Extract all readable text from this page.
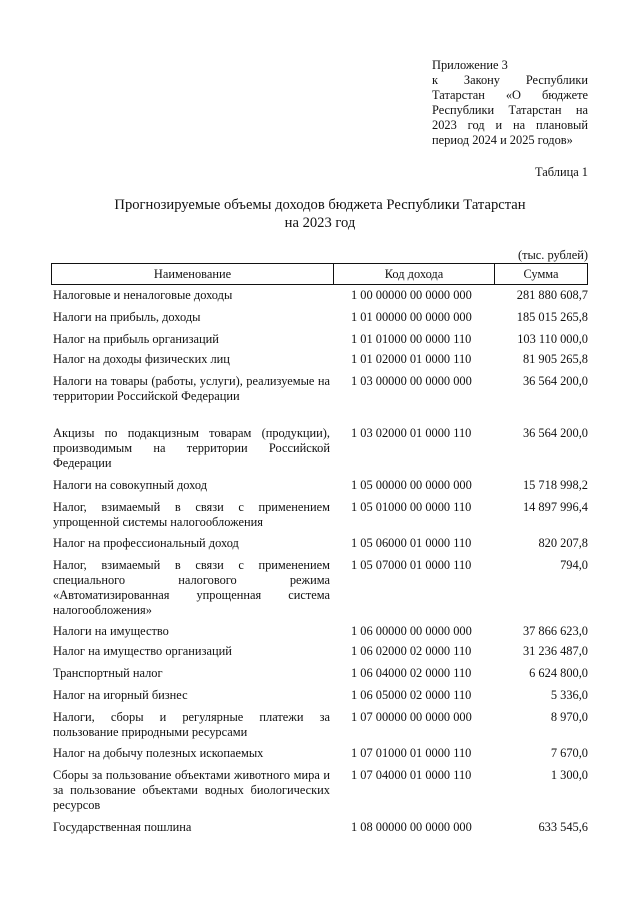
Приложение 3
к Закону Республики
Татарстан «О бюджете
Республики Татарстан на
2023 год и на плановый
период 2024 и 2025 годов»
Таблица 1
Прогнозируемые объемы доходов бюджета Республики Татарстан
на 2023 год
(тыс. рублей)
Наименование	Код дохода	Сумма
Налоговые и неналоговые доходы	1 00 00000 00 0000 000	281 880 608,7
Налоги на прибыль, доходы	1 01 00000 00 0000 000	185 015 265,8
Налог на прибыль организаций	1 01 01000 00 0000 110	103 110 000,0
Налог на доходы физических лиц	1 01 02000 01 0000 110	81 905 265,8
Налоги на товары (работы, услуги), реализуемые на территории Российской Федерации
1 03 00000 00 0000 000	36 564 200,0
Акцизы по подакцизным товарам (продукции), производимым на территории Российской Федерации
1 03 02000 01 0000 110	36 564 200,0
Налоги на совокупный доход	1 05 00000 00 0000 000	15 718 998,2
Налог, взимаемый в связи с применением упрощенной системы налогообложения
1 05 01000 00 0000 110	14 897 996,4
Налог на профессиональный доход	1 05 06000 01 0000 110	820 207,8
Налог, взимаемый в связи с применением специального налогового режима «Автоматизированная упрощенная система налогообложения»
1 05 07000 01 0000 110	794,0
Налоги на имущество	1 06 00000 00 0000 000	37 866 623,0
Налог на имущество организаций	1 06 02000 02 0000 110	31 236 487,0
Транспортный налог	1 06 04000 02 0000 110	6 624 800,0
Налог на игорный бизнес	1 06 05000 02 0000 110	5 336,0
Налоги, сборы и регулярные платежи за пользование природными ресурсами
1 07 00000 00 0000 000	8 970,0
Налог на добычу полезных ископаемых	1 07 01000 01 0000 110	7 670,0
Сборы за пользование объектами животного мира и за пользование объектами водных биологических ресурсов
1 07 04000 01 0000 110	1 300,0
Государственная пошлина	1 08 00000 00 0000 000	633 545,6
